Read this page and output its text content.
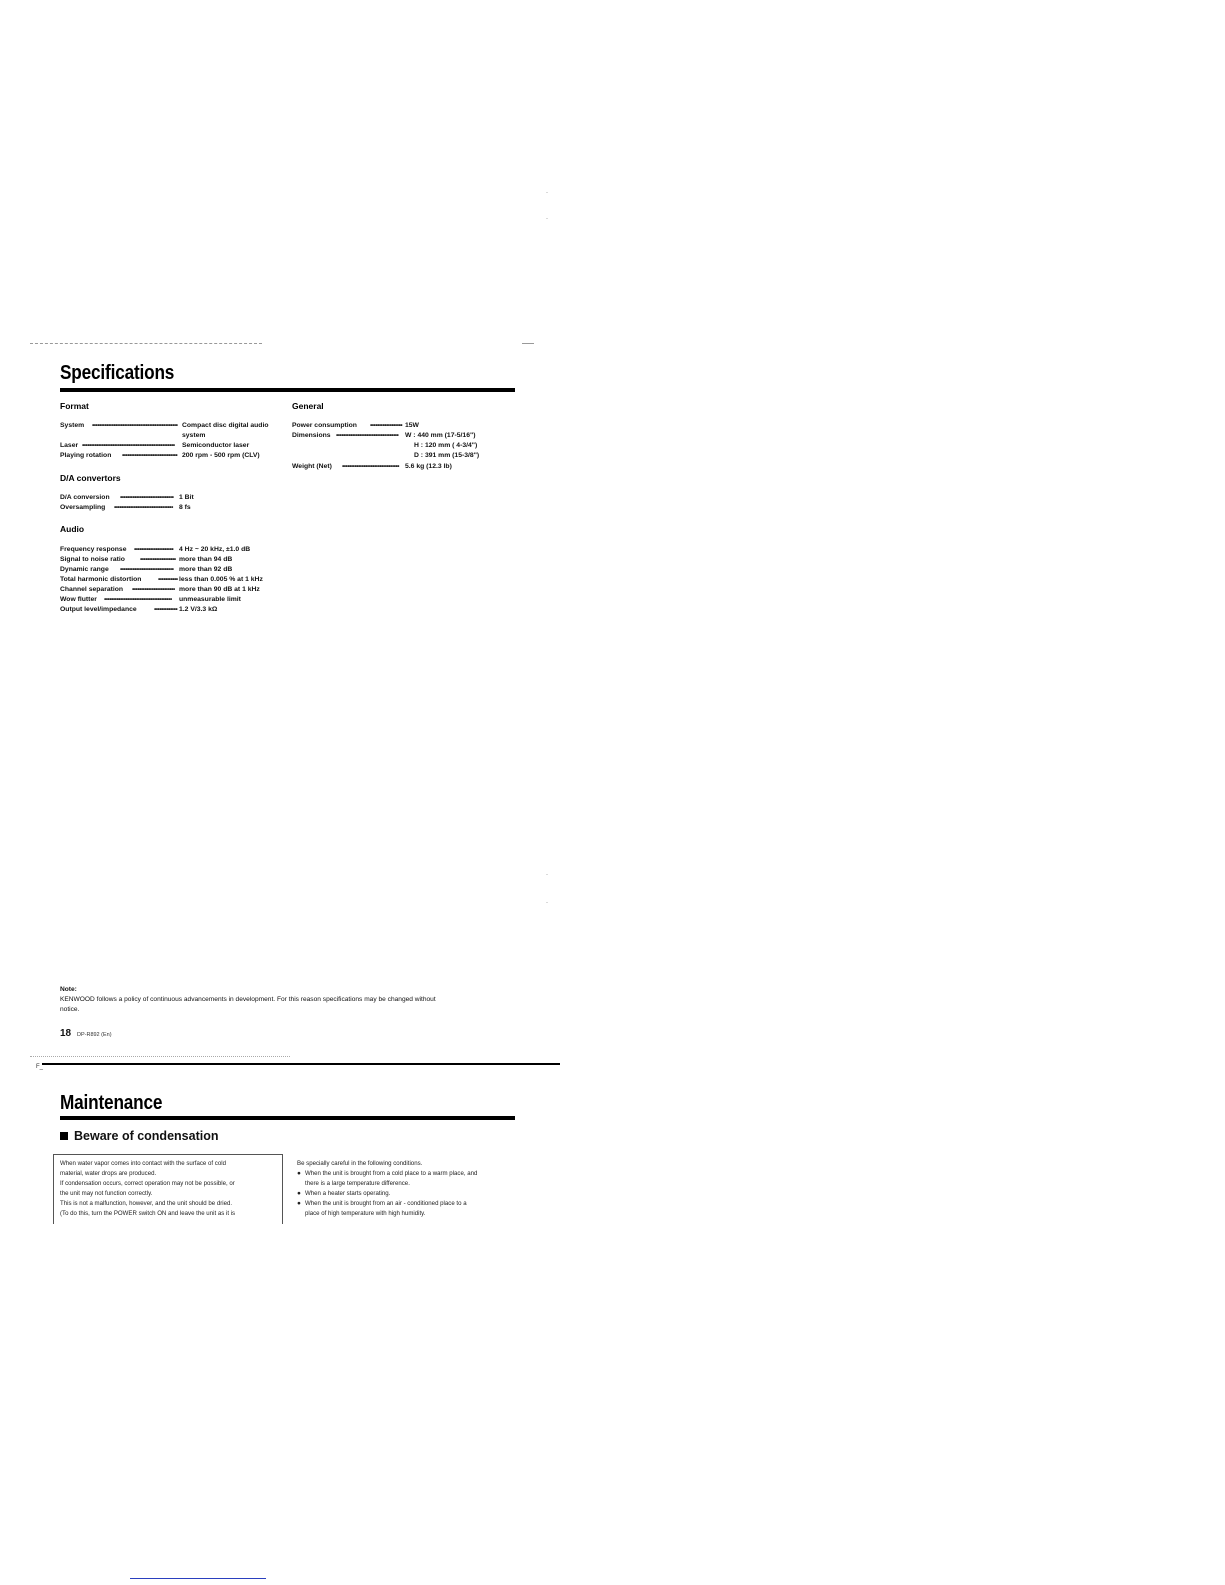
Specifications
Format
System	•••••••••••••••••••••••••••••••••••••••••••••••• Compact disc digital audio
system
Laser ••••••••••••••••••••••••••••••••••••••••••••••••••••	Semiconductor laser
Playing rotation	••••••••••••••••••••••••••••••• 200 rpm - 500 rpm (CLV)
D/A convertors
D/A conversion	•••••••••••••••••••••••••••••• 1 Bit
Oversampling	••••••••••••••••••••••••••••••••• 8 fs
Audio
Frequency response	•••••••••••••••••••••• 4 Hz ~ 20 kHz, ±1.0 dB
Signal to noise ratio	•••••••••••••••••••• more than 94 dB
Dynamic range	•••••••••••••••••••••••••••••• more than 92 dB
Total harmonic distortion	••••••••••• less than 0.005 % at 1 kHz
Channel separation	•••••••••••••••••••••••• more than 90 dB at 1 kHz
Wow flutter	••••••••••••••••••••••••••••••••••••••	unmeasurable limit
Output level/impedance	••••••••••••• 1.2 V/3.3 kΩ
General
Power consumption	•••••••••••••••••• 15W
Dimensions ••••••••••••••••••••••••••••••••••• W : 440 mm (17-5/16")
H : 120 mm ( 4-3/4")
D : 391 mm (15-3/8")
Weight (Net)	•••••••••••••••••••••••••••••••• 5.6 kg (12.3 lb)
·
·
·
·
Note:
KENWOOD follows a policy of continuous advancements in development. For this reason specifications may be changed without
notice.
18 DP-R892 (En)
F_
Maintenance
Beware of condensation
When water vapor comes into contact with the surface of cold
material, water drops are produced.
If condensation occurs, correct operation may not be possible, or
the unit may not function correctly.
This is not a malfunction, however, and the unit should be dried.
(To do this, turn the POWER switch ON and leave the unit as it is
Be specially careful in the following conditions.
● When the unit is brought from a cold place to a warm place, and
there is a large temperature difference.
● When a heater starts operating.
● When the unit is brought from an air - conditioned place to a
place of high temperature with high humidity.
